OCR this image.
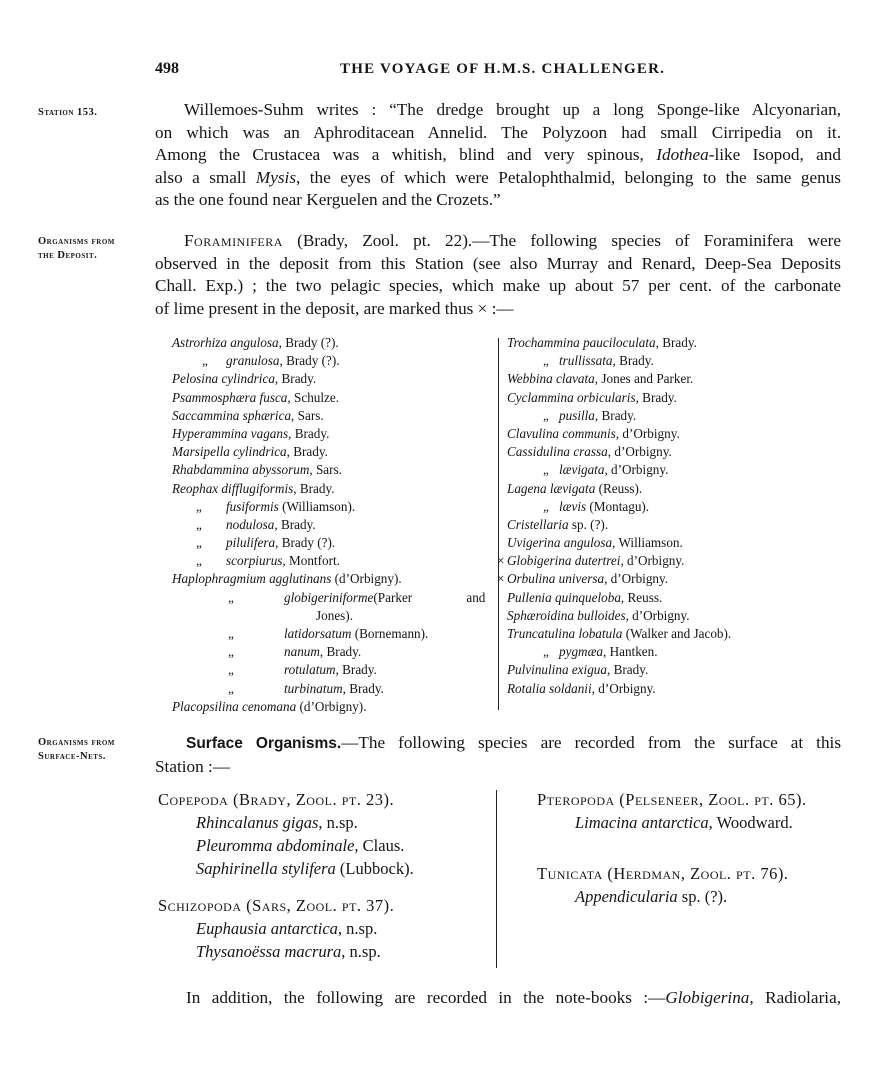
498	THE VOYAGE OF H.M.S. CHALLENGER.
Station 153.
Organisms from
the Deposit.
Organisms from
Surface-Nets.
Willemoes-Suhm writes : “The dredge brought up a long Sponge-like Alcyonarian,
on which was an Aphroditacean Annelid. The Polyzoon had small Cirripedia on it.
Among the Crustacea was a whitish, blind and very spinous, Idothea-like Isopod, and
also a small Mysis, the eyes of which were Petalophthalmid, belonging to the same genus
as the one found near Kerguelen and the Crozets.”
Foraminifera (Brady, Zool. pt. 22).—The following species of Foraminifera were
observed in the deposit from this Station (see also Murray and Renard, Deep-Sea Deposits
Chall. Exp.) ; the two pelagic species, which make up about 57 per cent. of the carbonate
of lime present in the deposit, are marked thus × :—
Astrorhiza angulosa, Brady (?).
„ granulosa, Brady (?).
Pelosina cylindrica, Brady.
Psammosphæra fusca, Schulze.
Saccammina sphærica, Sars.
Hyperammina vagans, Brady.
Marsipella cylindrica, Brady.
Rhabdammina abyssorum, Sars.
Reophax difflugiformis, Brady.
„ fusiformis (Williamson).
„ nodulosa, Brady.
„ pilulifera, Brady (?).
„ scorpiurus, Montfort.
Haplophragmium agglutinans (d’Orbigny).
„	globigeriniforme(Parker and
Jones).
„	latidorsatum (Bornemann).
„	nanum, Brady.
„	rotulatum, Brady.
„	turbinatum, Brady.
Placopsilina cenomana (d’Orbigny).
Trochammina pauciloculata, Brady.
„ trullissata, Brady.
Webbina clavata, Jones and Parker.
Cyclammina orbicularis, Brady.
„ pusilla, Brady.
Clavulina communis, d’Orbigny.
Cassidulina crassa, d’Orbigny.
„ lævigata, d’Orbigny.
Lagena lævigata (Reuss).
„ lævis (Montagu).
Cristellaria sp. (?).
Uvigerina angulosa, Williamson.
× Globigerina dutertrei, d’Orbigny.
× Orbulina universa, d’Orbigny.
Pullenia quinqueloba, Reuss.
Sphæroidina bulloides, d’Orbigny.
Truncatulina lobatula (Walker and Jacob).
„ pygmæa, Hantken.
Pulvinulina exigua, Brady.
Rotalia soldanii, d’Orbigny.
Surface Organisms.—The following species are recorded from the surface at this
Station :—
Copepoda (Brady, Zool. pt. 23).
Rhincalanus gigas, n.sp.
Pleuromma abdominale, Claus.
Saphirinella stylifera (Lubbock).
Schizopoda (Sars, Zool. pt. 37).
Euphausia antarctica, n.sp.
Thysanoëssa macrura, n.sp.
Pteropoda (Pelseneer, Zool. pt. 65).
Limacina antarctica, Woodward.
Tunicata (Herdman, Zool. pt. 76).
Appendicularia sp. (?).
In addition, the following are recorded in the note-books :—Globigerina, Radiolaria,
